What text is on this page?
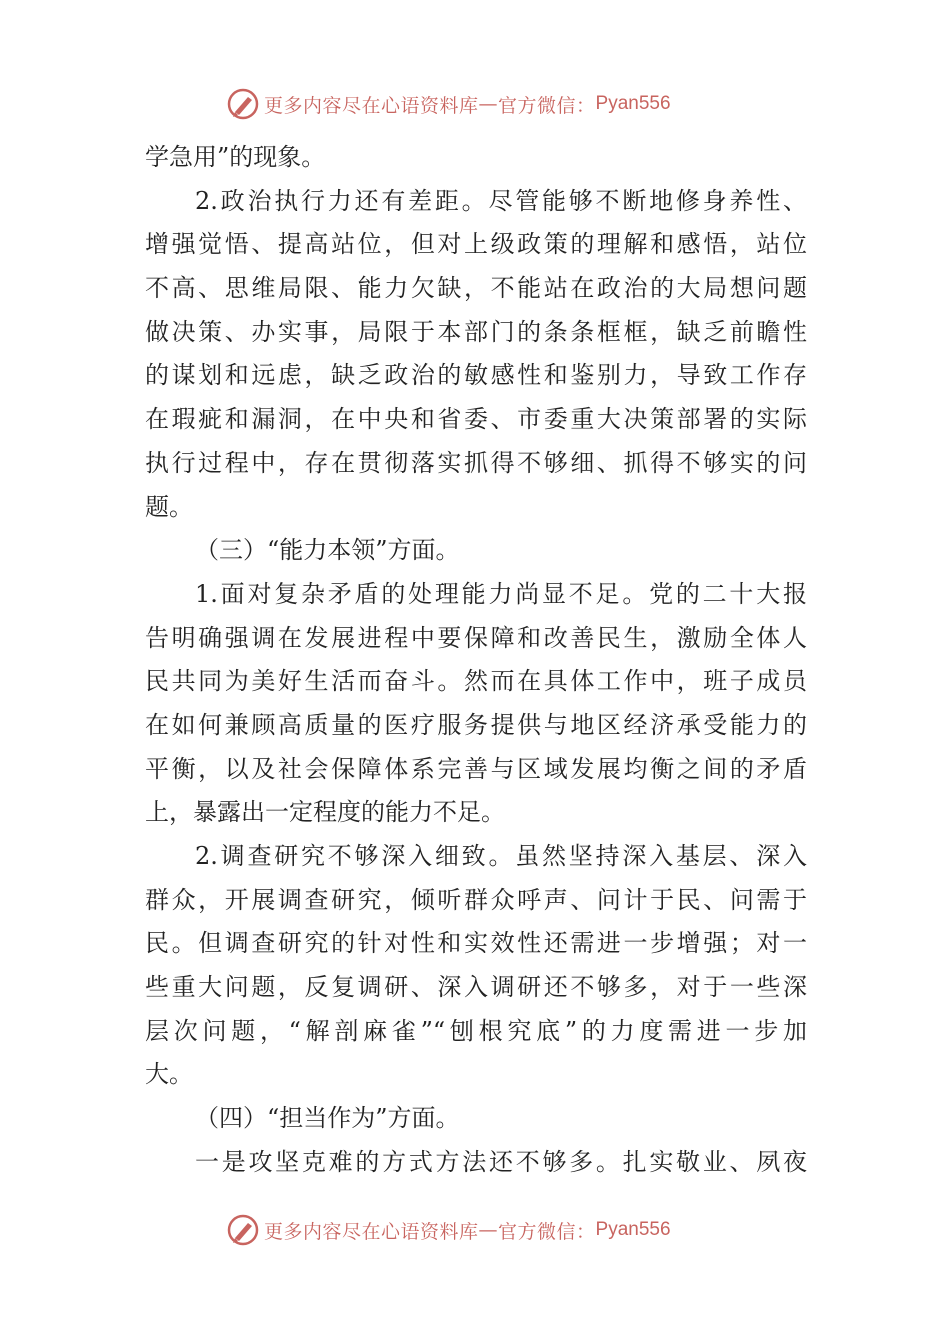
更多内容尽在心语资料库 — 官方微信： Pyan556
学急用”的现象。
2.政治执行力还有差距。尽管能够不断地修身养性、
增强觉悟、提高站位，但对上级政策的理解和感悟，站位
不高、思维局限、能力欠缺，不能站在政治的大局想问题
做决策、办实事，局限于本部门的条条框框，缺乏前瞻性
的谋划和远虑，缺乏政治的敏感性和鉴别力，导致工作存
在瑕疵和漏洞，在中央和省委、市委重大决策部署的实际
执行过程中，存在贯彻落实抓得不够细、抓得不够实的问
题。
（三）“能力本领”方面。
1.面对复杂矛盾的处理能力尚显不足。党的二十大报
告明确强调在发展进程中要保障和改善民生，激励全体人
民共同为美好生活而奋斗。然而在具体工作中，班子成员
在如何兼顾高质量的医疗服务提供与地区经济承受能力的
平衡，以及社会保障体系完善与区域发展均衡之间的矛盾
上，暴露出一定程度的能力不足。
2.调查研究不够深入细致。虽然坚持深入基层、深入
群众，开展调查研究，倾听群众呼声、问计于民、问需于
民。但调查研究的针对性和实效性还需进一步增强；对一
些重大问题，反复调研、深入调研还不够多，对于一些深
层次问题，“解剖麻雀”“刨根究底”的力度需进一步加
大。
（四）“担当作为”方面。
一是攻坚克难的方式方法还不够多。扎实敬业、夙夜
更多内容尽在心语资料库 — 官方微信： Pyan556
